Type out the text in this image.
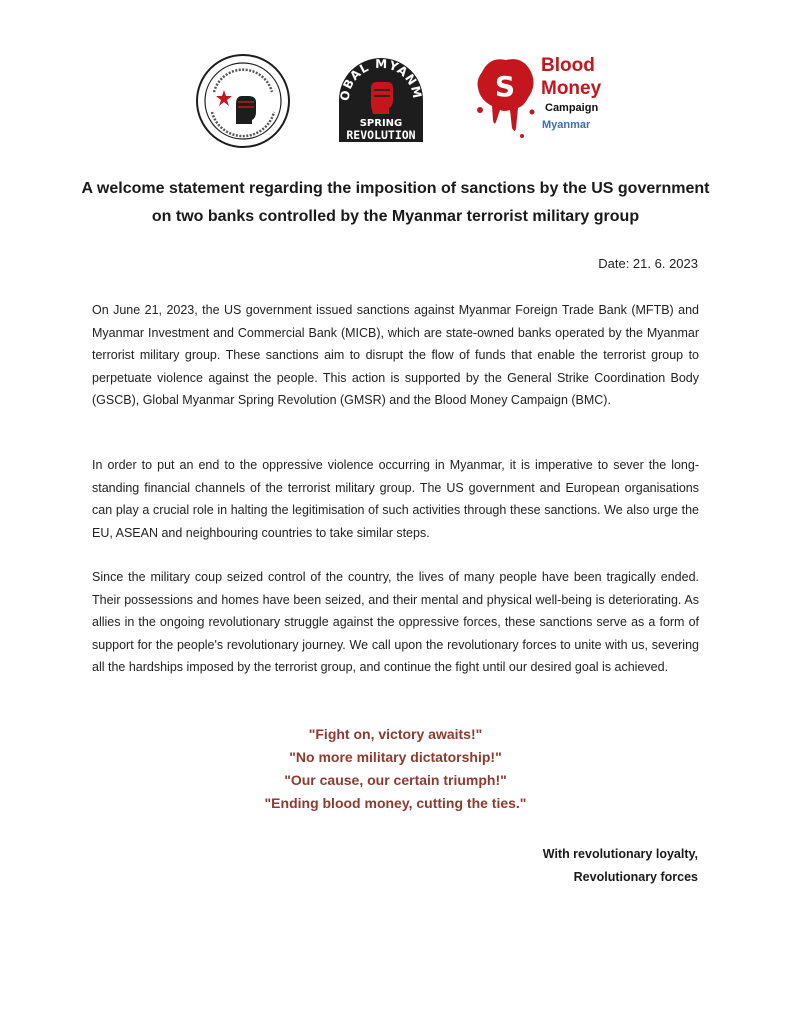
OBAL MYANM
SPRING
REVOLUTION
S
Blood
Money
Campaign
Myanmar
A welcome statement regarding the imposition of sanctions by the US government on two banks controlled by the Myanmar terrorist military group
Date: 21. 6. 2023

On June 21, 2023, the US government issued sanctions against Myanmar Foreign Trade Bank (MFTB) and Myanmar Investment and Commercial Bank (MICB), which are state-owned banks operated by the Myanmar terrorist military group. These sanctions aim to disrupt the flow of funds that enable the terrorist group to perpetuate violence against the people. This action is supported by the General Strike Coordination Body (GSCB), Global Myanmar Spring Revolution (GMSR) and the Blood Money Campaign (BMC).

In order to put an end to the oppressive violence occurring in Myanmar, it is imperative to sever the long-standing financial channels of the terrorist military group. The US government and European organisations can play a crucial role in halting the legitimisation of such activities through these sanctions. We also urge the EU, ASEAN and neighbouring countries to take similar steps.

Since the military coup seized control of the country, the lives of many people have been tragically ended. Their possessions and homes have been seized, and their mental and physical well-being is deteriorating. As allies in the ongoing revolutionary struggle against the oppressive forces, these sanctions serve as a form of support for the people's revolutionary journey. We call upon the revolutionary forces to unite with us, severing all the hardships imposed by the terrorist group, and continue the fight until our desired goal is achieved.

"Fight on, victory awaits!"
"No more military dictatorship!"
"Our cause, our certain triumph!"
"Ending blood money, cutting the ties."
With revolutionary loyalty,
Revolutionary forces
